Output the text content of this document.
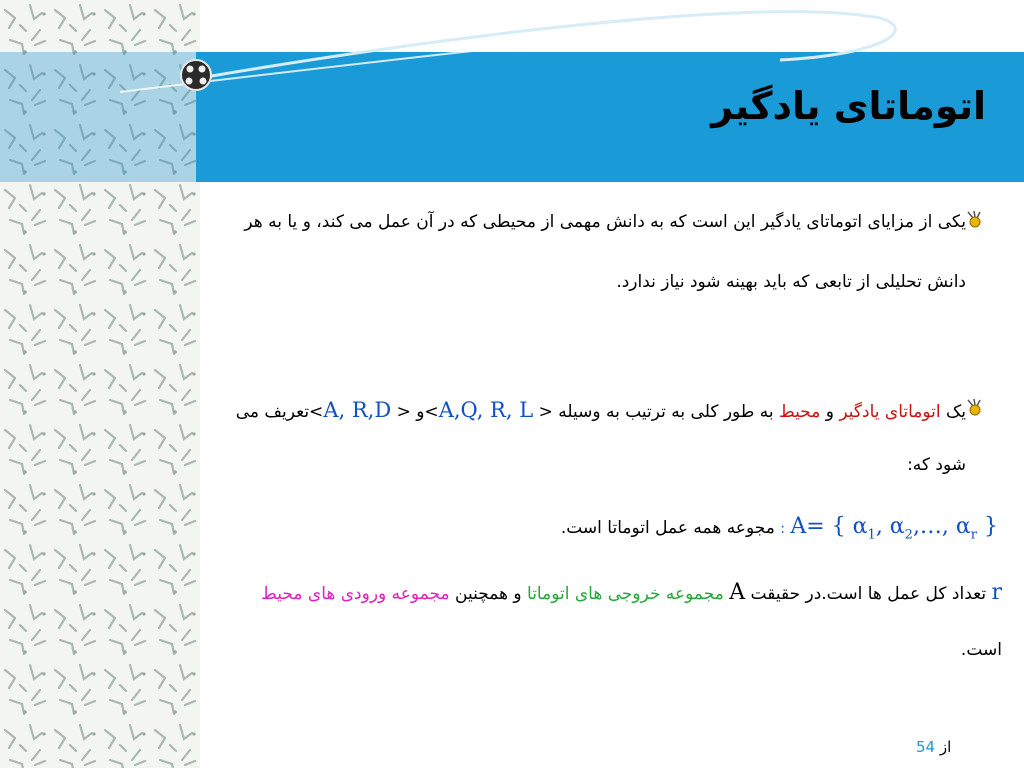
اتوماتای یادگیر
یکی از مزایای اتوماتای یادگیر این است که به دانش مهمی از محیطی که در آن عمل می کند، و یا به هر
دانش تحلیلی از تابعی که باید بهینه شود نیاز ندارد.
یک اتوماتای یادگیر و محیط به طور کلی به ترتیب به وسیله < A,Q, R, L>و < A, R,D>تعریف می
شود که:
A= { $\alpha_1$, $\alpha_2,\dots$, $\alpha_r$ } : مجوعه همه عمل اتوماتا است.
r تعداد کل عمل ها است.در حقیقت A مجموعه خروجی های اتوماتا و همچنین مجموعه ورودی های محیط
است.
از 54
